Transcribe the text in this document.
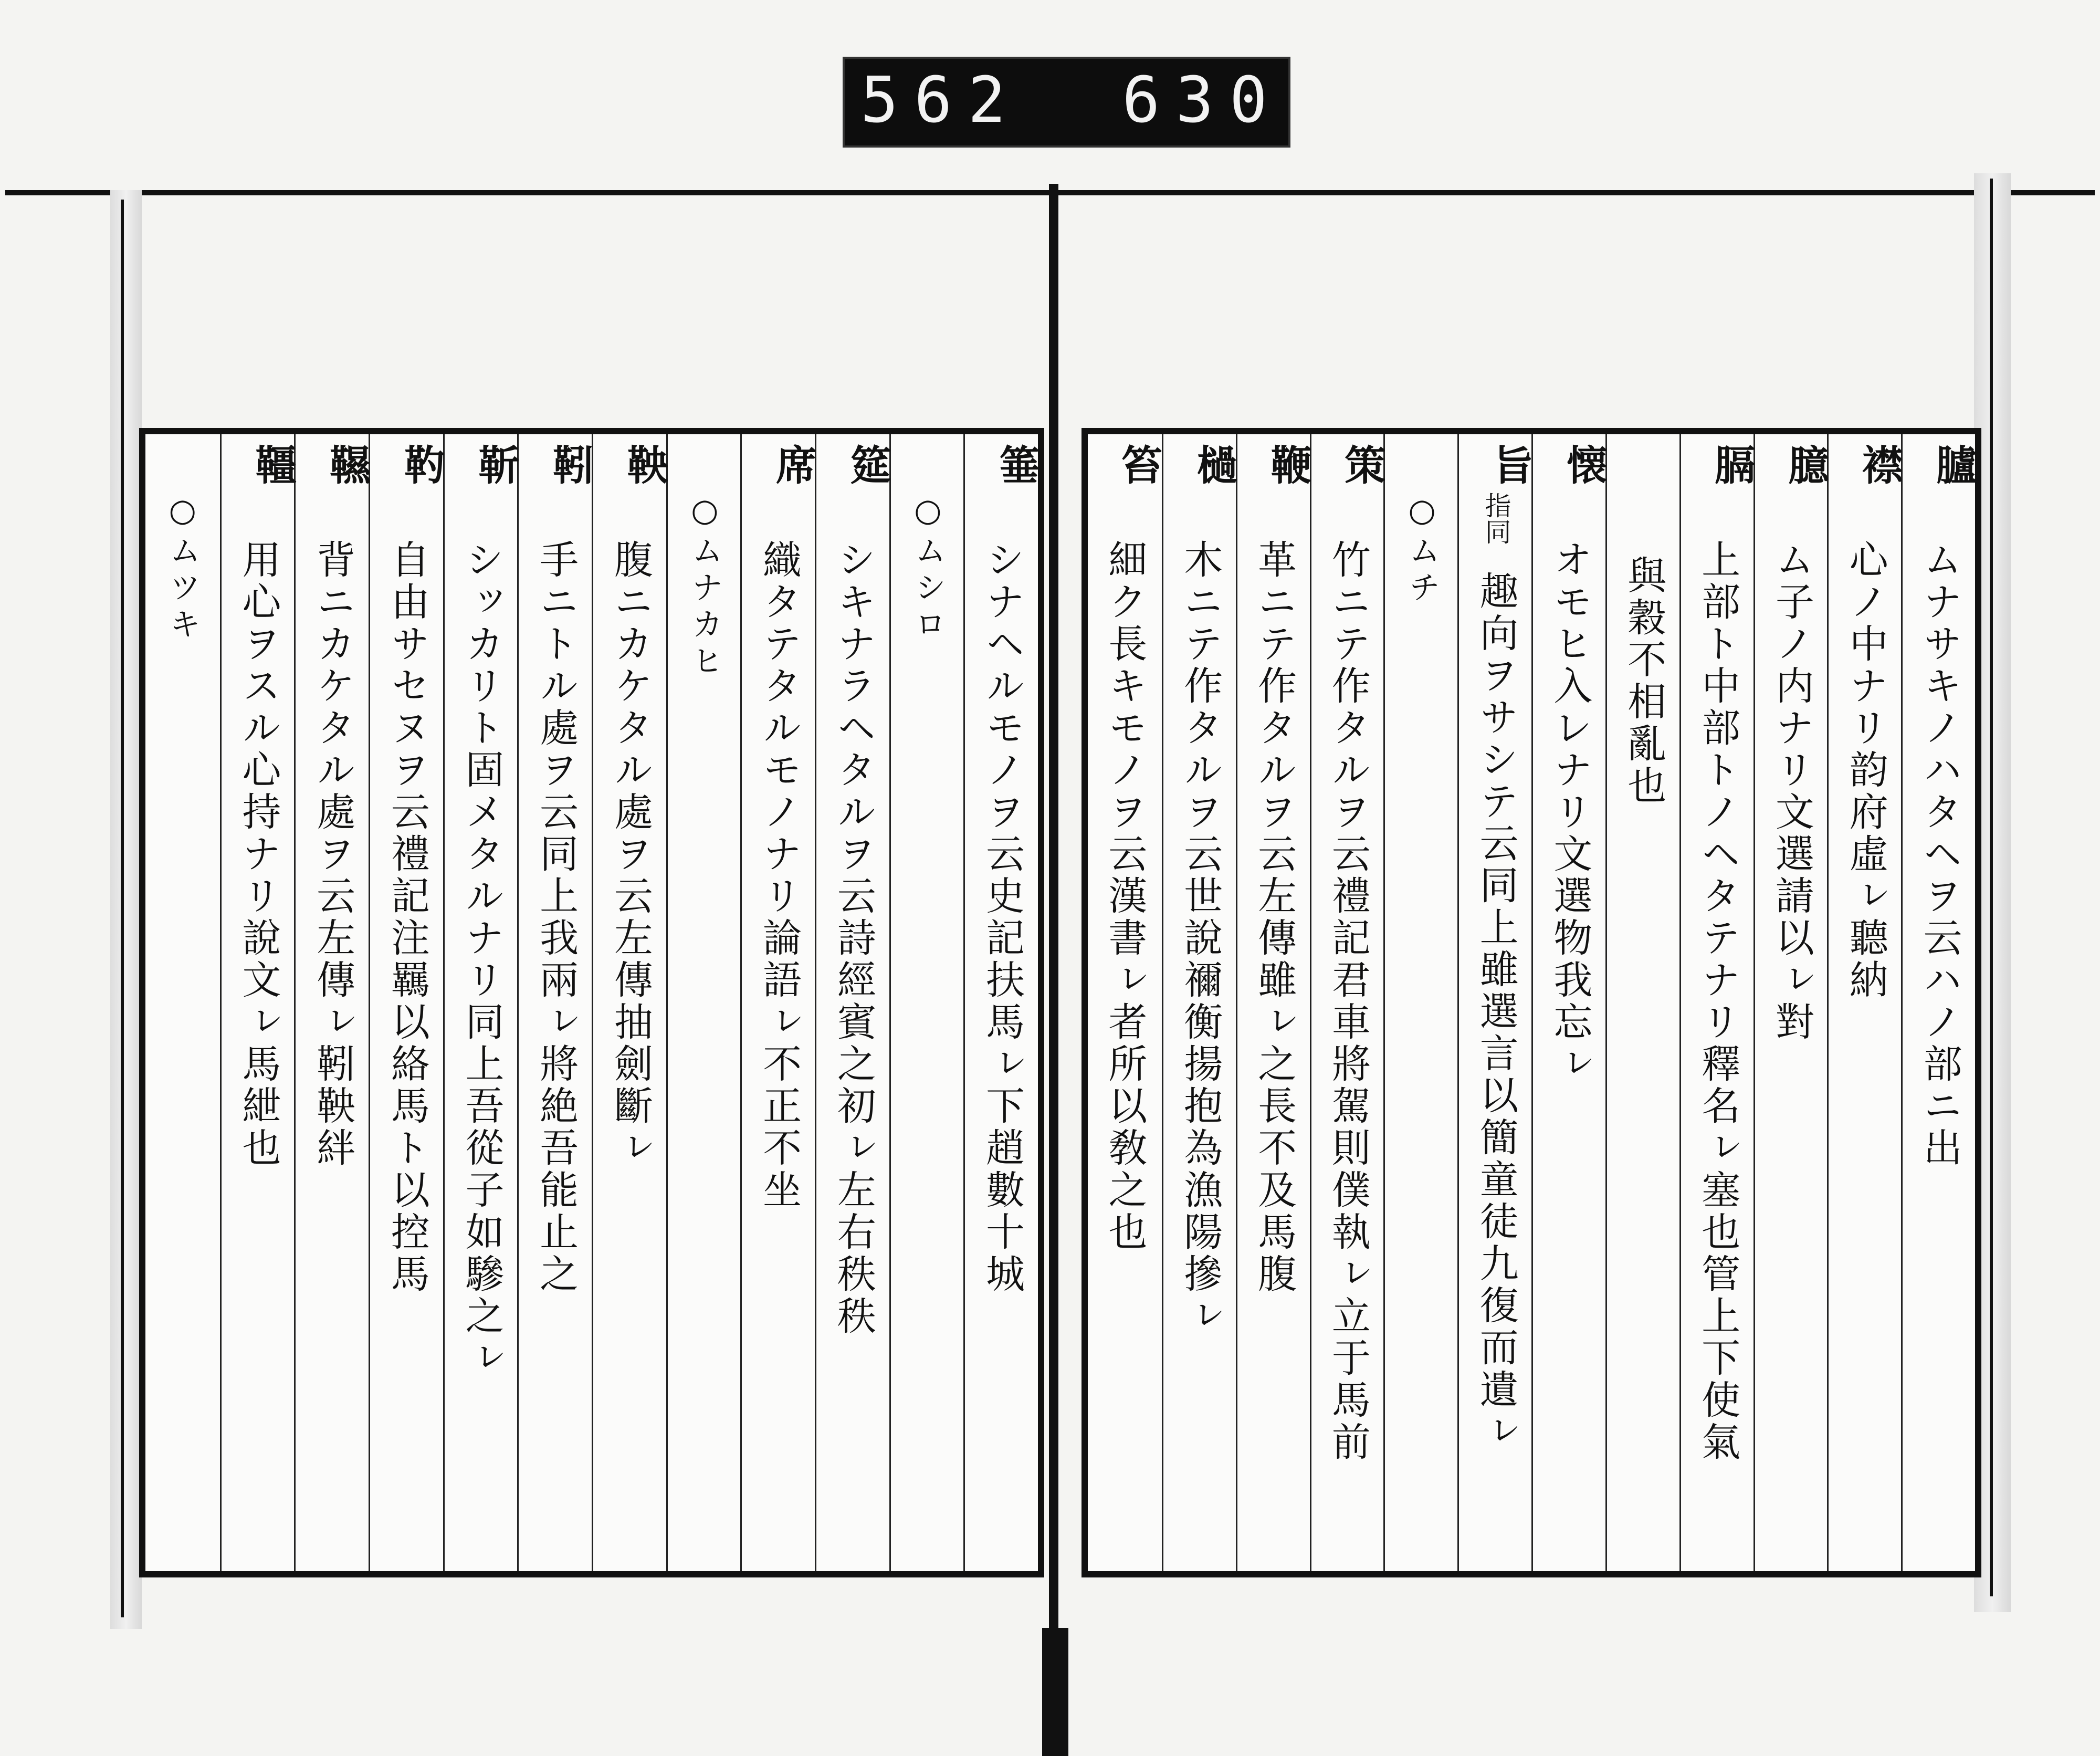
562 630
箠
シナヘルモノヲ云史記扶馬ㇾ下趙數十城
○ムシロ
筵
シキナラヘタルヲ云詩經賓之初ㇾ左右秩秩
席
織タテタルモノナリ論語ㇾ不正不坐
○ムナカヒ
鞅
腹ニカケタル處ヲ云左傳抽劍斷ㇾ
靷
手ニトル處ヲ云同上我兩ㇾ將絶吾能止之
靳
シッカリト固メタルナリ同上吾從子如驂之ㇾ
靮
自由サセヌヲ云禮記注羈以絡馬ト以控馬
韅
背ニカケタル處ヲ云左傳ㇾ靷鞅絆
韁
用心ヲスル心持ナリ說文ㇾ馬紲也
○ムツキ
臚
ムナサキノハタヘヲ云ハノ部ニ出
襟
心ノ中ナリ韵府虛ㇾ聽納
臆
ム子ノ内ナリ文選請以ㇾ對
膈
上部ト中部トノヘタテナリ釋名ㇾ塞也管上下使氣
與穀不相亂也
懐
オモヒ入レナリ文選物我忘ㇾ
旨
指同
趣向ヲサシテ云同上雖選言以簡童徒九復而遺ㇾ
○ムチ
策
竹ニテ作タルヲ云禮記君車將駕則僕執ㇾ立于馬前
鞭
革ニテ作タルヲ云左傳雖ㇾ之長不及馬腹
檛
木ニテ作タルヲ云世說禰衡揚抱為漁陽摻ㇾ
笞
細ク長キモノヲ云漢書ㇾ者所以敎之也
